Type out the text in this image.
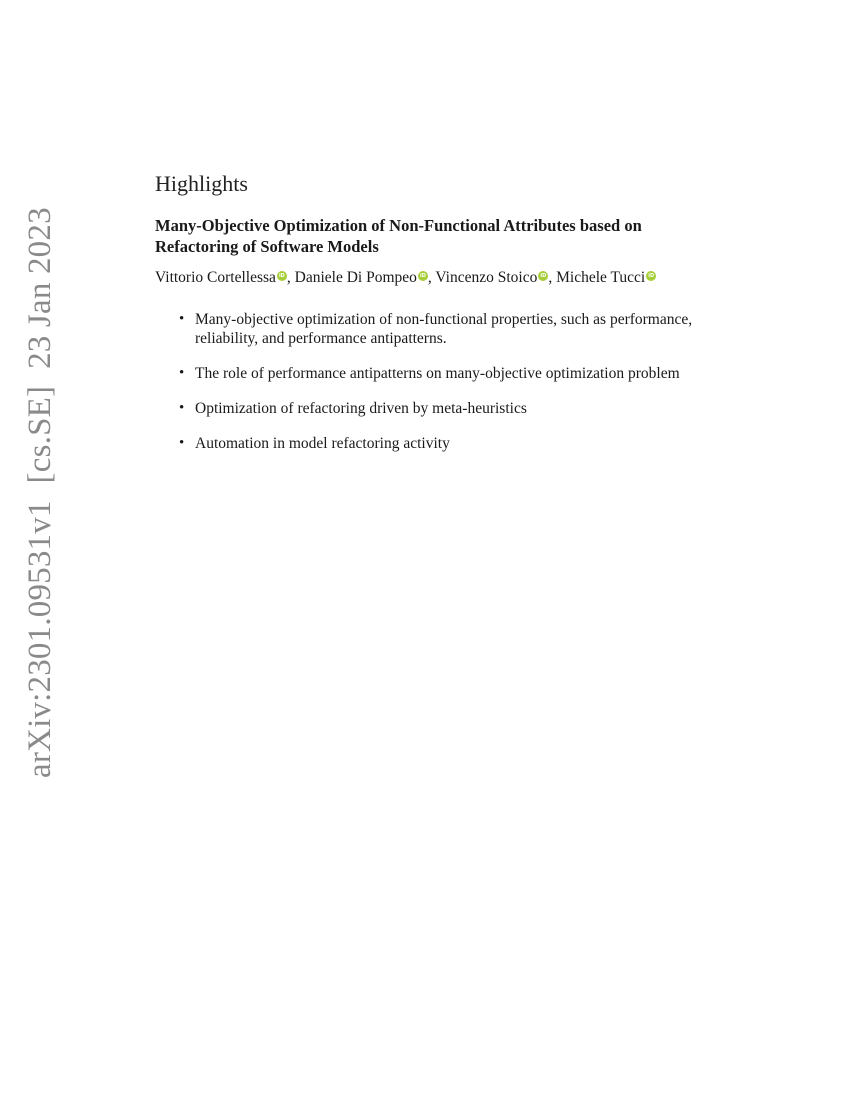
arXiv:2301.09531v1  [cs.SE]  23 Jan 2023
Highlights
Many-Objective Optimization of Non-Functional Attributes based on Refactoring of Software Models
Vittorio Cortellessa iD , Daniele Di Pompeo iD , Vincenzo Stoico iD , Michele TucciiD
• Many-objective optimization of non-functional properties, such as performance, reliability, and performance antipatterns.
• The role of performance antipatterns on many-objective optimization problem
• Optimization of refactoring driven by meta-heuristics
• Automation in model refactoring activity
